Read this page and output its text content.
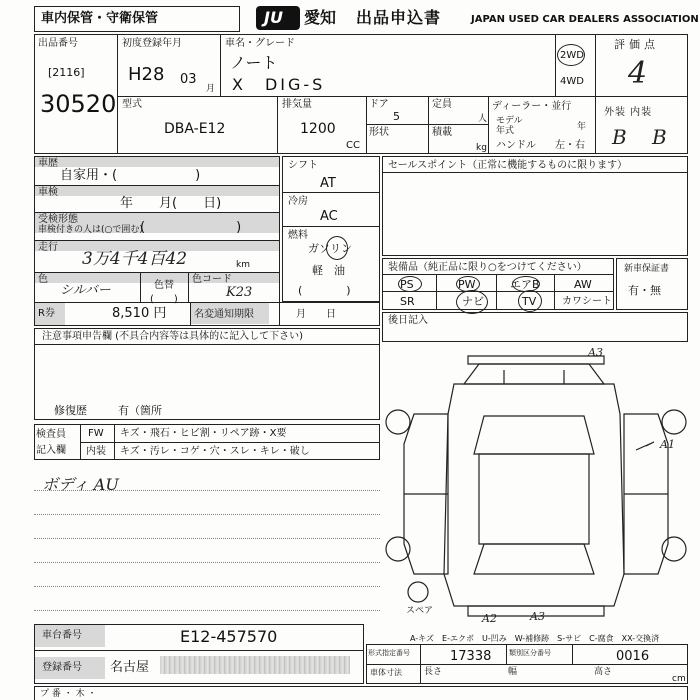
車内保管・守衛保管	JU 愛知 出品申込書	JAPAN USED CAR DEALERS ASSOCIATION
出品番号
[2116]
30520
初度登録年月
H28 03
月
車名・グレード
ノート
X　DIG-S
2WD
4WD
型式
DBA-E12
排気量
1200
CC
ドア
5
定員
人
形状	積載
kg
ディーラー・並行
モデル
年式	年
ハンドル 左・右
評価点
4
外装 内装
B B
車歴
自家用・(　　　　　　)
車検
年　　月(　　日)
受検形態
車検付きの人は(○で囲む)
(　　　　　　　)
走行
3万4千4百42	km
色
シルバー	色替
(　　)
色コード
K23
R券	8,510 円	名変通知期限	月　　日
シフト
AT
冷房
AC
燃料
ガソリン
軽　油
(　　　　)
セールスポイント（正常に機能するものに限ります）
装備品（純正品に限り○をつけてください）
PS	PW	エアB	AW
SR	ナビ	TV	カワシート
新車保証書
有・無
後日記入
注意事項申告欄 (不具合内容等は具体的に記入して下さい)
修復歴	有（箇所
検査員
記入欄
FW キズ・飛石・ヒビ割・リペア跡・X要
内装 キズ・汚レ・コゲ・穴・スレ・キレ・破し
ボディ AU
A3
A1
A2	A3
スペア
A-キズ　E-エクボ　U-凹み　W-補修跡　S-サビ　C-腐食　XX-交換済
車台番号	E12-457570
登録番号 名古屋
形式指定番号	17338	類別区分番号	0016
車体寸法 長さ	幅	高さ
cm
プ 番 ・ 木 ・
